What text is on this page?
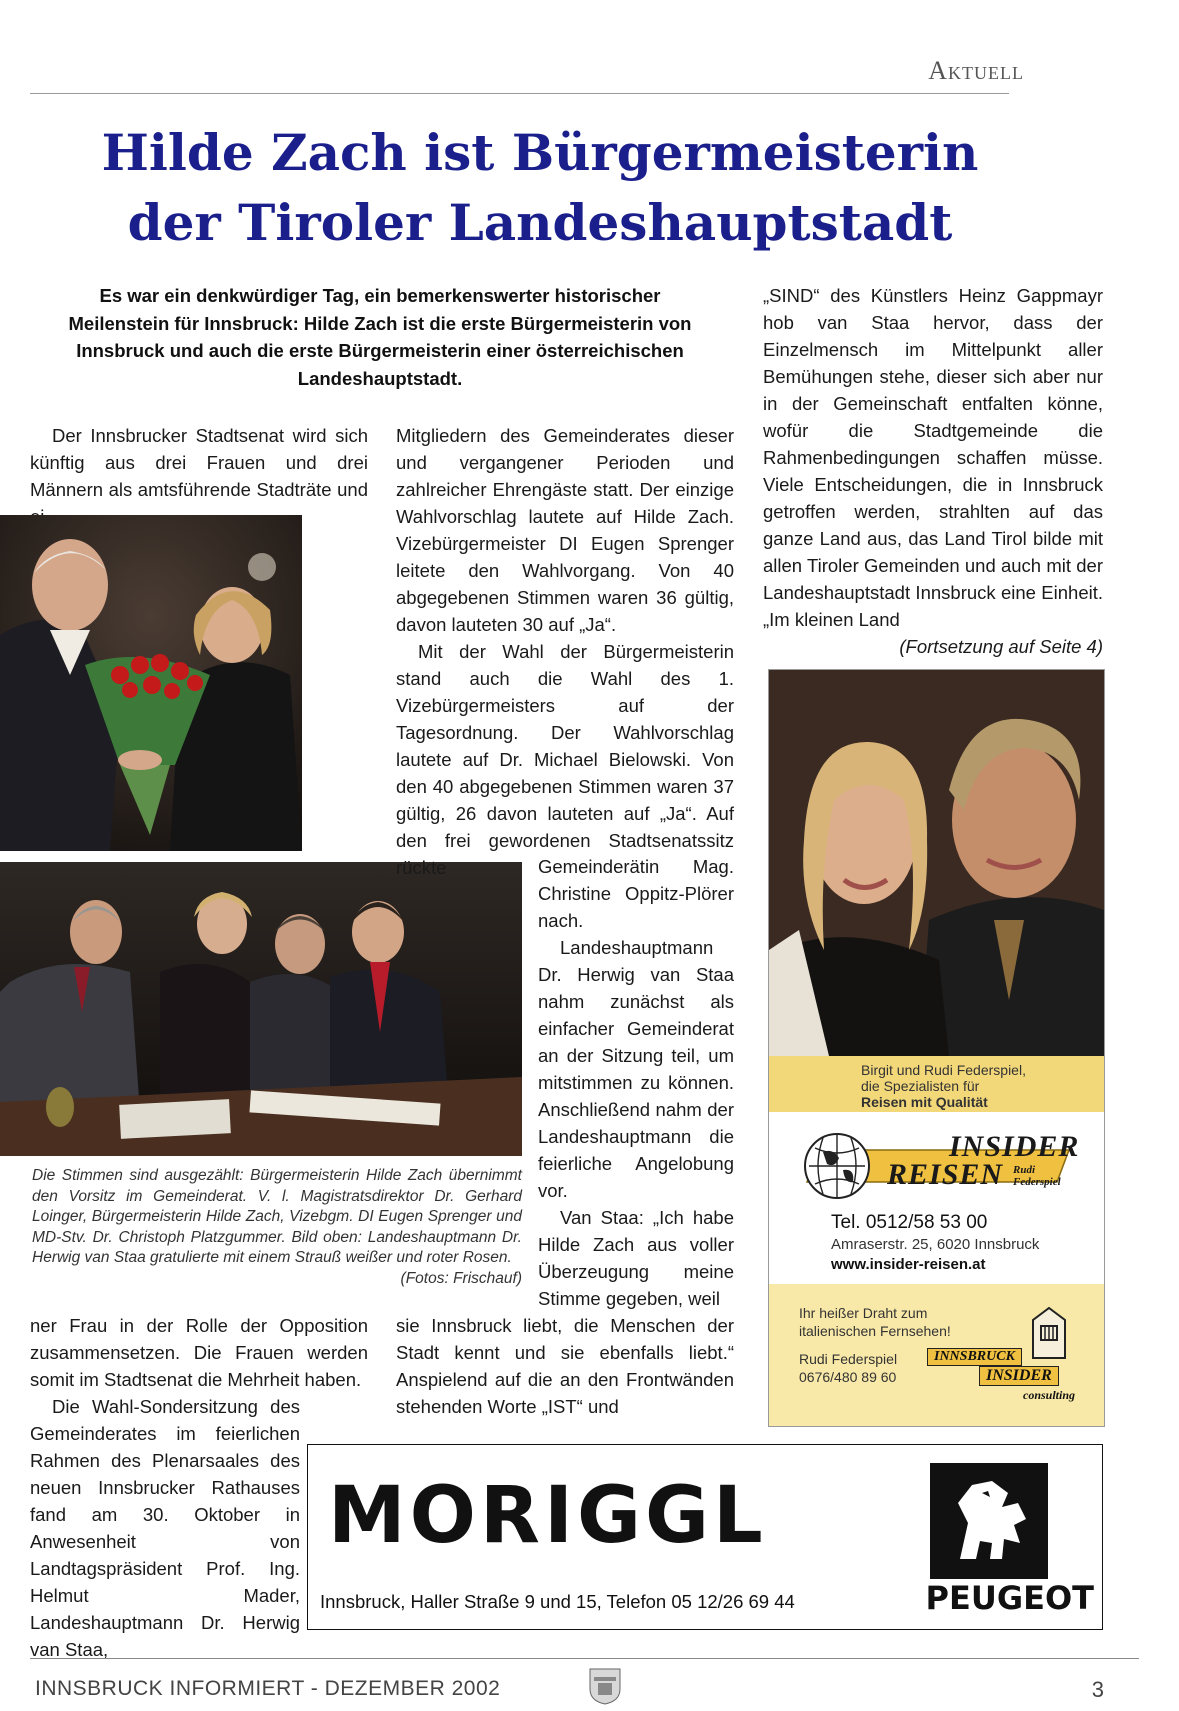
Aktuell
Hilde Zach ist Bürgermeisterin
der Tiroler Landeshauptstadt
Es war ein denkwürdiger Tag, ein bemerkenswerter historischer Meilenstein für Innsbruck: Hilde Zach ist die erste Bürgermeisterin von Innsbruck und auch die erste Bürgermeisterin einer österreichischen Landeshauptstadt.

Der Innsbrucker Stadtsenat wird sich künftig aus drei Frauen und drei Männern als amtsführende Stadträte und

Die Stimmen sind ausgezählt: Bürgermeisterin Hilde Zach übernimmt den Vorsitz im Gemeinderat. V. l. Magistratsdirektor Dr. Gerhard Loinger, Bürgermeisterin Hilde Zach, Vizebgm. DI Eugen Sprenger und MD-Stv. Dr. Christoph Platzgummer. Bild oben: Landeshauptmann Dr. Herwig van Staa gratulierte mit einem Strauß weißer und roter Rosen.
(Fotos: Frischauf)

ner Frau in der Rolle der Opposition zusammensetzen. Die Frauen werden somit im Stadtsenat die Mehrheit haben.

Die Wahl-Sondersitzung des Gemeinderates im feierlichen Rahmen des Plenarsaales des neuen Innsbrucker Rathauses fand am 30. Oktober in Anwesenheit von Landtagspräsident Prof. Ing. Helmut Mader, Landeshauptmann Dr. Herwig van Staa,

Mitgliedern des Gemeinderates dieser und vergangener Perioden und zahlreicher Ehrengäste statt. Der einzige Wahlvorschlag lautete auf Hilde Zach. Vizebürgermeister DI Eugen Sprenger leitete den Wahlvorgang. Von 40 abgegebenen Stimmen waren 36 gültig, davon lauteten 30 auf „Ja“.

Mit der Wahl der Bürgermeisterin stand auch die Wahl des 1. Vizebürgermeisters auf der Tagesordnung. Der Wahlvorschlag lautete auf Dr. Michael Bielowski. Von den 40 abgegebenen Stimmen waren 37 gültig, 26 davon lauteten auf „Ja“. Auf den frei gewordenen Stadtsenatssitz rückte	Gemeinderätin Mag. Christine Oppitz-Plörer nach.

Landeshauptmann Dr. Herwig van Staa nahm zunächst als einfacher Gemeinderat an der Sitzung teil, um mitstimmen zu können. Anschließend nahm der Landeshauptmann die feierliche Angelobung vor.

Van Staa: „Ich habe Hilde Zach aus voller Überzeugung meine Stimme gegeben, weil

sie Innsbruck liebt, die Menschen der Stadt kennt und sie ebenfalls liebt.“ Anspielend auf die an den Frontwänden stehenden Worte „IST“ und

„SIND“ des Künstlers Heinz Gappmayr hob van Staa hervor, dass der Einzelmensch im Mittelpunkt aller Bemühungen stehe, dieser sich aber nur in der Gemeinschaft entfalten könne, wofür die Stadtgemeinde die Rahmenbedingungen schaffen müsse. Viele Entscheidungen, die in Innsbruck getroffen werden, strahlten auf das ganze Land aus, das Land Tirol bilde mit allen Tiroler Gemeinden und auch mit der Landeshauptstadt Innsbruck eine Einheit. „Im kleinen Land

(Fortsetzung auf Seite 4)

Birgit und Rudi Federspiel,
die Spezialisten für
Reisen mit Qualität
INSIDER
REISEN Rudi
Federspiel
Tel. 0512/58 53 00
Amraserstr. 25, 6020 Innsbruck
www.insider-reisen.at
Ihr heißer Draht zum
italienischen Fernsehen!
Rudi Federspiel
0676/480 89 60
INNSBRUCK
INSIDER
consulting
MORIGGL
Innsbruck, Haller Straße 9 und 15, Telefon 05 12/26 69 44	PEUGEOT
INNSBRUCK INFORMIERT - DEZEMBER 2002	3
